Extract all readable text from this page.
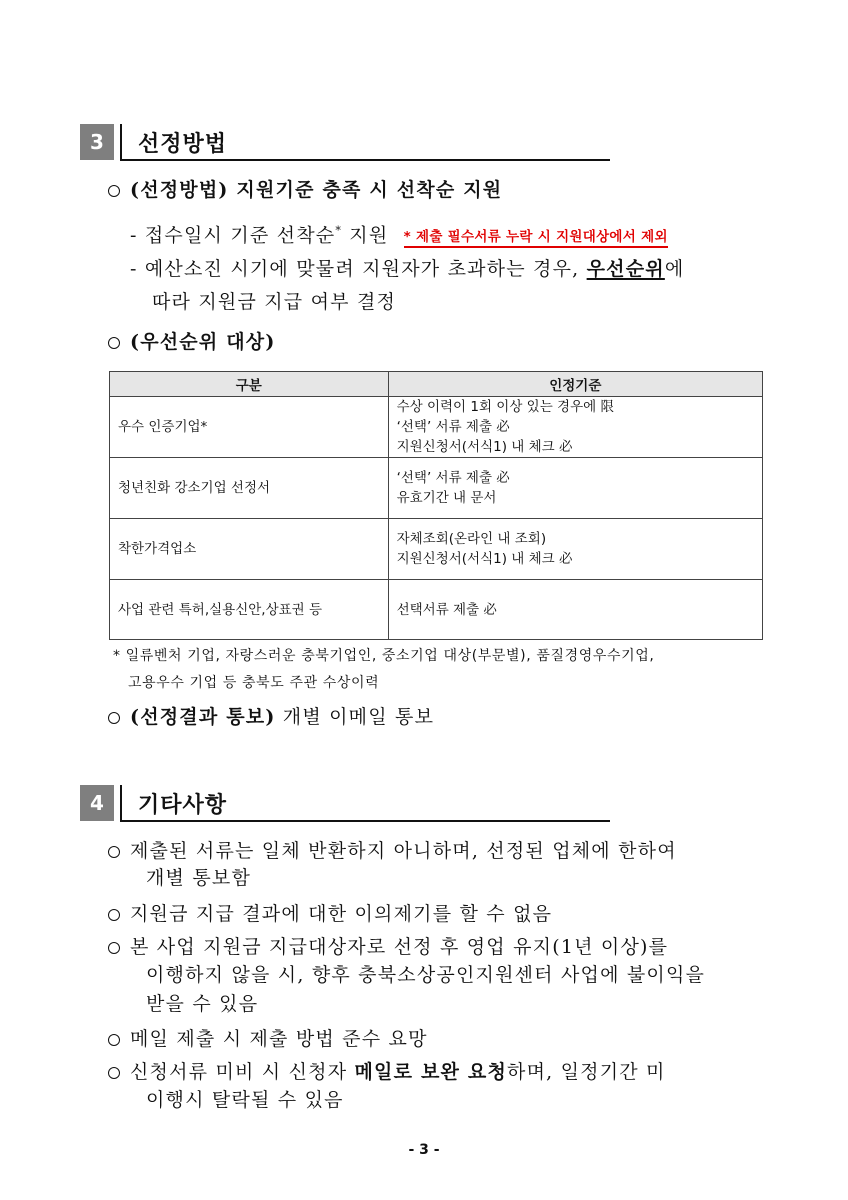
3	선정방법
(선정방법) 지원기준 충족 시 선착순 지원
- 접수일시 기준 선착순* 지원 * 제출 필수서류 누락 시 지원대상에서 제외
- 예산소진 시기에 맞물려 지원자가 초과하는 경우, 우선순위에
따라 지원금 지급 여부 결정
(우선순위 대상)
구분	인정기준
우수 인증기업*	수상 이력이 1회 이상 있는 경우에 限
‘선택’ 서류 제출 必
지원신청서(서식1) 내 체크 必

청년친화 강소기업 선정서	‘선택’ 서류 제출 必
유효기간 내 문서

착한가격업소	자체조회(온라인 내 조회)
지원신청서(서식1) 내 체크 必

사업 관련 특허,실용신안,상표권 등	선택서류 제출 必
* 일류벤처 기업, 자랑스러운 충북기업인, 중소기업 대상(부문별), 품질경영우수기업,
고용우수 기업 등 충북도 주관 수상이력
(선정결과 통보) 개별 이메일 통보
4	기타사항
제출된 서류는 일체 반환하지 아니하며, 선정된 업체에 한하여
개별 통보함
지원금 지급 결과에 대한 이의제기를 할 수 없음
본 사업 지원금 지급대상자로 선정 후 영업 유지(1년 이상)를
이행하지 않을 시, 향후 충북소상공인지원센터 사업에 불이익을
받을 수 있음
메일 제출 시 제출 방법 준수 요망
신청서류 미비 시 신청자 메일로 보완 요청하며, 일정기간 미
이행시 탈락될 수 있음
- 3 -
